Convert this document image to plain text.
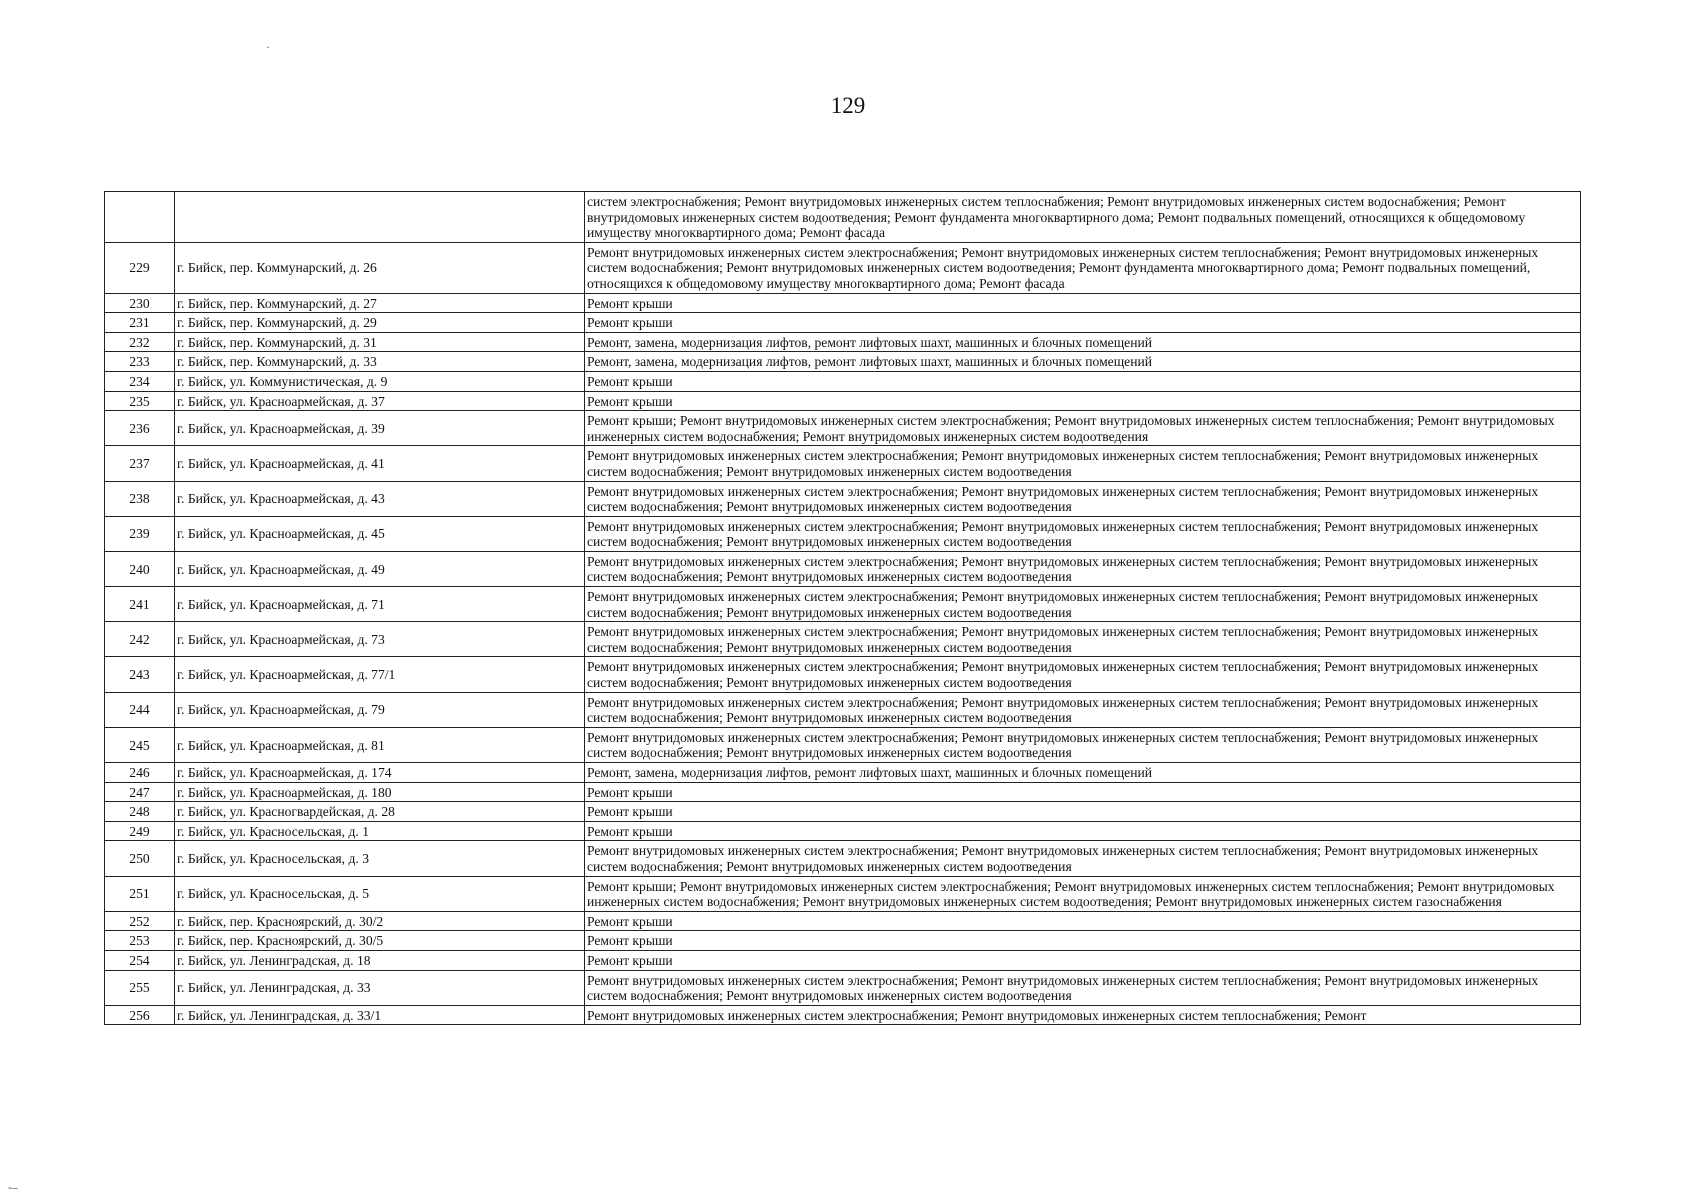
129
		систем электроснабжения; Ремонт внутридомовых инженерных систем теплоснабжения; Ремонт внутридомовых инженерных систем водоснабжения; Ремонт внутридомовых инженерных систем водоотведения; Ремонт фундамента многоквартирного дома; Ремонт подвальных помещений, относящихся к общедомовому имуществу многоквартирного дома; Ремонт фасада
229	г. Бийск, пер. Коммунарский, д. 26	Ремонт внутридомовых инженерных систем электроснабжения; Ремонт внутридомовых инженерных систем теплоснабжения; Ремонт внутридомовых инженерных систем водоснабжения; Ремонт внутридомовых инженерных систем водоотведения; Ремонт фундамента многоквартирного дома; Ремонт подвальных помещений, относящихся к общедомовому имуществу многоквартирного дома; Ремонт фасада
230	г. Бийск, пер. Коммунарский, д. 27	Ремонт крыши
231	г. Бийск, пер. Коммунарский, д. 29	Ремонт крыши
232	г. Бийск, пер. Коммунарский, д. 31	Ремонт, замена, модернизация лифтов, ремонт лифтовых шахт, машинных и блочных помещений
233	г. Бийск, пер. Коммунарский, д. 33	Ремонт, замена, модернизация лифтов, ремонт лифтовых шахт, машинных и блочных помещений
234	г. Бийск, ул. Коммунистическая, д. 9	Ремонт крыши
235	г. Бийск, ул. Красноармейская, д. 37	Ремонт крыши
236	г. Бийск, ул. Красноармейская, д. 39	Ремонт крыши; Ремонт внутридомовых инженерных систем электроснабжения; Ремонт внутридомовых инженерных систем теплоснабжения; Ремонт внутридомовых инженерных систем водоснабжения; Ремонт внутридомовых инженерных систем водоотведения
237	г. Бийск, ул. Красноармейская, д. 41	Ремонт внутридомовых инженерных систем электроснабжения; Ремонт внутридомовых инженерных систем теплоснабжения; Ремонт внутридомовых инженерных систем водоснабжения; Ремонт внутридомовых инженерных систем водоотведения
238	г. Бийск, ул. Красноармейская, д. 43	Ремонт внутридомовых инженерных систем электроснабжения; Ремонт внутридомовых инженерных систем теплоснабжения; Ремонт внутридомовых инженерных систем водоснабжения; Ремонт внутридомовых инженерных систем водоотведения
239	г. Бийск, ул. Красноармейская, д. 45	Ремонт внутридомовых инженерных систем электроснабжения; Ремонт внутридомовых инженерных систем теплоснабжения; Ремонт внутридомовых инженерных систем водоснабжения; Ремонт внутридомовых инженерных систем водоотведения
240	г. Бийск, ул. Красноармейская, д. 49	Ремонт внутридомовых инженерных систем электроснабжения; Ремонт внутридомовых инженерных систем теплоснабжения; Ремонт внутридомовых инженерных систем водоснабжения; Ремонт внутридомовых инженерных систем водоотведения
241	г. Бийск, ул. Красноармейская, д. 71	Ремонт внутридомовых инженерных систем электроснабжения; Ремонт внутридомовых инженерных систем теплоснабжения; Ремонт внутридомовых инженерных систем водоснабжения; Ремонт внутридомовых инженерных систем водоотведения
242	г. Бийск, ул. Красноармейская, д. 73	Ремонт внутридомовых инженерных систем электроснабжения; Ремонт внутридомовых инженерных систем теплоснабжения; Ремонт внутридомовых инженерных систем водоснабжения; Ремонт внутридомовых инженерных систем водоотведения
243	г. Бийск, ул. Красноармейская, д. 77/1	Ремонт внутридомовых инженерных систем электроснабжения; Ремонт внутридомовых инженерных систем теплоснабжения; Ремонт внутридомовых инженерных систем водоснабжения; Ремонт внутридомовых инженерных систем водоотведения
244	г. Бийск, ул. Красноармейская, д. 79	Ремонт внутридомовых инженерных систем электроснабжения; Ремонт внутридомовых инженерных систем теплоснабжения; Ремонт внутридомовых инженерных систем водоснабжения; Ремонт внутридомовых инженерных систем водоотведения
245	г. Бийск, ул. Красноармейская, д. 81	Ремонт внутридомовых инженерных систем электроснабжения; Ремонт внутридомовых инженерных систем теплоснабжения; Ремонт внутридомовых инженерных систем водоснабжения; Ремонт внутридомовых инженерных систем водоотведения
246	г. Бийск, ул. Красноармейская, д. 174	Ремонт, замена, модернизация лифтов, ремонт лифтовых шахт, машинных и блочных помещений
247	г. Бийск, ул. Красноармейская, д. 180	Ремонт крыши
248	г. Бийск, ул. Красногвардейская, д. 28	Ремонт крыши
249	г. Бийск, ул. Красносельская, д. 1	Ремонт крыши
250	г. Бийск, ул. Красносельская, д. 3	Ремонт внутридомовых инженерных систем электроснабжения; Ремонт внутридомовых инженерных систем теплоснабжения; Ремонт внутридомовых инженерных систем водоснабжения; Ремонт внутридомовых инженерных систем водоотведения
251	г. Бийск, ул. Красносельская, д. 5	Ремонт крыши; Ремонт внутридомовых инженерных систем электроснабжения; Ремонт внутридомовых инженерных систем теплоснабжения; Ремонт внутридомовых инженерных систем водоснабжения; Ремонт внутридомовых инженерных систем водоотведения; Ремонт внутридомовых инженерных систем газоснабжения
252	г. Бийск, пер. Красноярский, д. 30/2	Ремонт крыши
253	г. Бийск, пер. Красноярский, д. 30/5	Ремонт крыши
254	г. Бийск, ул. Ленинградская, д. 18	Ремонт крыши
255	г. Бийск, ул. Ленинградская, д. 33	Ремонт внутридомовых инженерных систем электроснабжения; Ремонт внутридомовых инженерных систем теплоснабжения; Ремонт внутридомовых инженерных систем водоснабжения; Ремонт внутридомовых инженерных систем водоотведения
256	г. Бийск, ул. Ленинградская, д. 33/1	Ремонт внутридомовых инженерных систем электроснабжения; Ремонт внутридомовых инженерных систем теплоснабжения; Ремонт
·
‐–
